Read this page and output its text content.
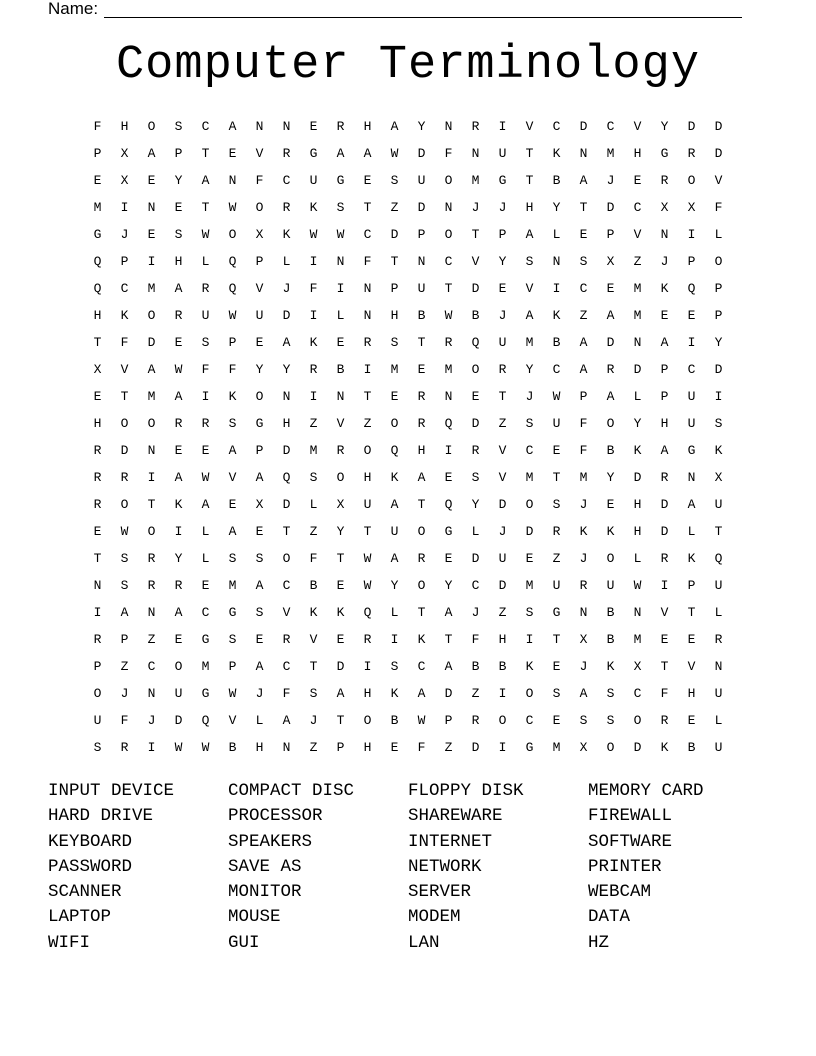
Name:
Computer Terminology
F	H	O	S	C	A	N	N	E	R	H	A	Y	N	R	I	V	C	D	C	V	Y	D	D
P	X	A	P	T	E	V	R	G	A	A	W	D	F	N	U	T	K	N	M	H	G	R	D
E	X	E	Y	A	N	F	C	U	G	E	S	U	O	M	G	T	B	A	J	E	R	O	V
M	I	N	E	T	W	O	R	K	S	T	Z	D	N	J	J	H	Y	T	D	C	X	X	F
G	J	E	S	W	O	X	K	W	W	C	D	P	O	T	P	A	L	E	P	V	N	I	L
Q	P	I	H	L	Q	P	L	I	N	F	T	N	C	V	Y	S	N	S	X	Z	J	P	O
Q	C	M	A	R	Q	V	J	F	I	N	P	U	T	D	E	V	I	C	E	M	K	Q	P
H	K	O	R	U	W	U	D	I	L	N	H	B	W	B	J	A	K	Z	A	M	E	E	P
T	F	D	E	S	P	E	A	K	E	R	S	T	R	Q	U	M	B	A	D	N	A	I	Y
X	V	A	W	F	F	Y	Y	R	B	I	M	E	M	O	R	Y	C	A	R	D	P	C	D
E	T	M	A	I	K	O	N	I	N	T	E	R	N	E	T	J	W	P	A	L	P	U	I
H	O	O	R	R	S	G	H	Z	V	Z	O	R	Q	D	Z	S	U	F	O	Y	H	U	S
R	D	N	E	E	A	P	D	M	R	O	Q	H	I	R	V	C	E	F	B	K	A	G	K
R	R	I	A	W	V	A	Q	S	O	H	K	A	E	S	V	M	T	M	Y	D	R	N	X
R	O	T	K	A	E	X	D	L	X	U	A	T	Q	Y	D	O	S	J	E	H	D	A	U
E	W	O	I	L	A	E	T	Z	Y	T	U	O	G	L	J	D	R	K	K	H	D	L	T
T	S	R	Y	L	S	S	O	F	T	W	A	R	E	D	U	E	Z	J	O	L	R	K	Q
N	S	R	R	E	M	A	C	B	E	W	Y	O	Y	C	D	M	U	R	U	W	I	P	U
I	A	N	A	C	G	S	V	K	K	Q	L	T	A	J	Z	S	G	N	B	N	V	T	L
R	P	Z	E	G	S	E	R	V	E	R	I	K	T	F	H	I	T	X	B	M	E	E	R
P	Z	C	O	M	P	A	C	T	D	I	S	C	A	B	B	K	E	J	K	X	T	V	N
O	J	N	U	G	W	J	F	S	A	H	K	A	D	Z	I	O	S	A	S	C	F	H	U
U	F	J	D	Q	V	L	A	J	T	O	B	W	P	R	O	C	E	S	S	O	R	E	L
S	R	I	W	W	B	H	N	Z	P	H	E	F	Z	D	I	G	M	X	O	D	K	B	U
INPUT DEVICE	COMPACT DISC	FLOPPY DISK	MEMORY CARD
HARD DRIVE	PROCESSOR	SHAREWARE	FIREWALL
KEYBOARD	SPEAKERS	INTERNET	SOFTWARE
PASSWORD	SAVE AS	NETWORK	PRINTER
SCANNER	MONITOR	SERVER	WEBCAM
LAPTOP	MOUSE	MODEM	DATA
WIFI	GUI	LAN	HZ
